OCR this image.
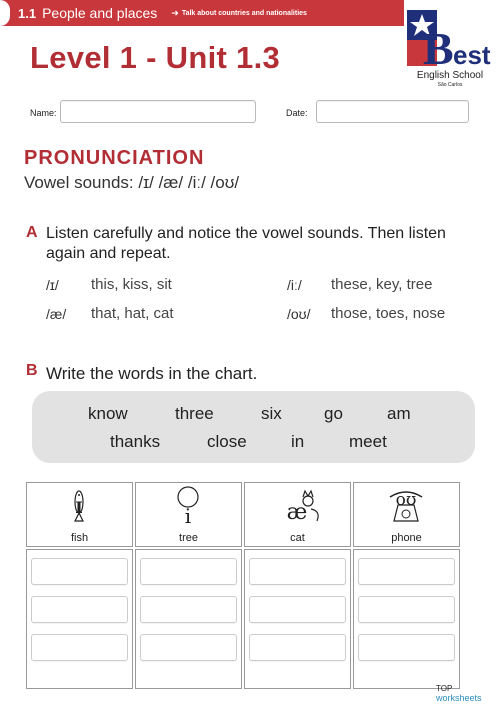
1.1 People and places ➜ Talk about countries and nationalities
Level 1 - Unit 1.3	B est
English School
São Carlos
Name:	Date:
PRONUNCIATION
Vowel sounds: /ɪ/ /æ/ /iː/ /oʊ/
A Listen carefully and notice the vowel sounds. Then listen
again and repeat.
/ɪ/ this, kiss, sit	/iː/ these, key, tree
/æ/ that, hat, cat	/oʊ/ those, toes, nose
B Write the words in the chart.
know	three	six go	am
thanks	close	in	meet
I
fish
i
tree
æ
cat
oʊ
phone
TOP
worksheets
